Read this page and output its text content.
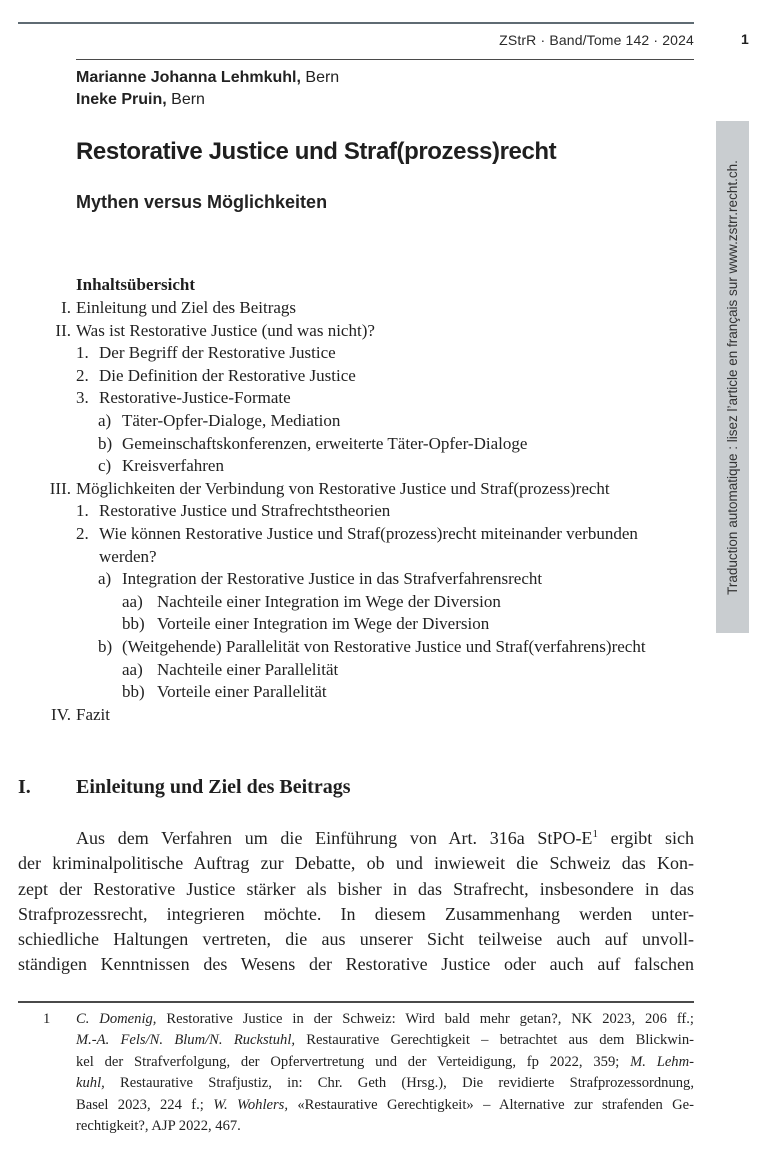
ZStrR · Band/Tome 142 · 2024	1
Marianne Johanna Lehmkuhl, Bern
Ineke Pruin, Bern
Restorative Justice und Straf(prozess)recht
Mythen versus Möglichkeiten	Traduction automatique : lisez l’article en français sur www.zstrr.recht.ch.
Inhaltsübersicht
I. Einleitung und Ziel des Beitrags
II. Was ist Restorative Justice (und was nicht)?
1. Der Begriff der Restorative Justice
2. Die Definition der Restorative Justice
3. Restorative-Justice-Formate
a) Täter-Opfer-Dialoge, Mediation
b) Gemeinschaftskonferenzen, erweiterte Täter-Opfer-Dialoge
c) Kreisverfahren
III. Möglichkeiten der Verbindung von Restorative Justice und Straf(prozess)recht
1. Restorative Justice und Strafrechtstheorien
2. Wie können Restorative Justice und Straf(prozess)recht miteinander verbunden werden?
a) Integration der Restorative Justice in das Strafverfahrensrecht
aa) Nachteile einer Integration im Wege der Diversion
bb) Vorteile einer Integration im Wege der Diversion
b) (Weitgehende) Parallelität von Restorative Justice und Straf(verfahrens)recht
aa) Nachteile einer Parallelität
bb) Vorteile einer Parallelität
IV. Fazit
I. Einleitung und Ziel des Beitrags
Aus dem Verfahren um die Einführung von Art. 316a StPO-$E^1$ ergibt sich
der kriminalpolitische Auftrag zur Debatte, ob und inwieweit die Schweiz das Kon-
zept der Restorative Justice stärker als bisher in das Strafrecht, insbesondere in das
Strafprozessrecht, integrieren möchte. In diesem Zusammenhang werden unter-
schiedliche Haltungen vertreten, die aus unserer Sicht teilweise auch auf unvoll-
ständigen Kenntnissen des Wesens der Restorative Justice oder auch auf falschen
1 C. Domenig, Restorative Justice in der Schweiz: Wird bald mehr getan?, NK 2023, 206 ff.;
M.-A. Fels/N. Blum/N. Ruckstuhl, Restaurative Gerechtigkeit – betrachtet aus dem Blickwin-
kel der Strafverfolgung, der Opfervertretung und der Verteidigung, fp 2022, 359; M. Lehm-
kuhl, Restaurative Strafjustiz, in: Chr. Geth (Hrsg.), Die revidierte Strafprozessordnung,
Basel 2023, 224 f.; W. Wohlers, «Restaurative Gerechtigkeit» – Alternative zur strafenden Ge-
rechtigkeit?, AJP 2022, 467.
